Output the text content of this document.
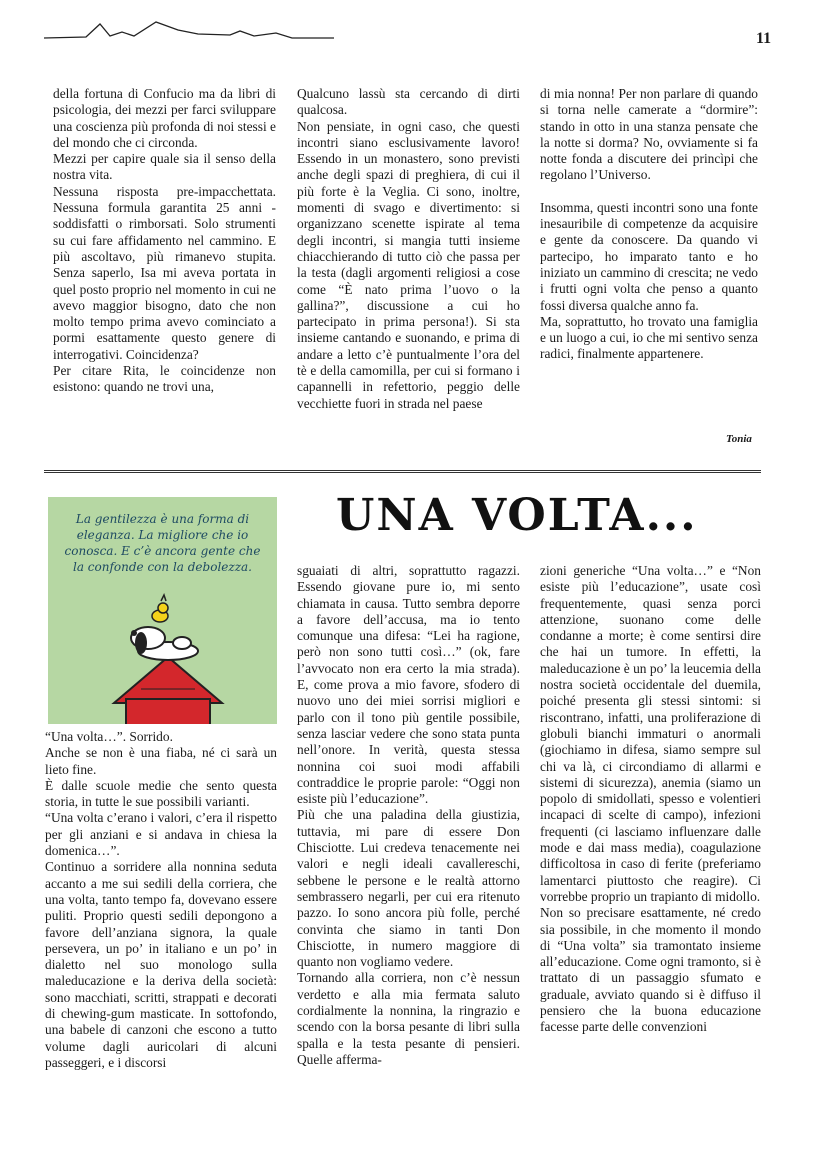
11

della fortuna di Confucio ma da libri di psicologia, dei mezzi per farci sviluppare una coscienza più profonda di noi stessi e del mondo che ci circonda.

Mezzi per capire quale sia il senso della nostra vita.

Nessuna risposta pre-impacchettata. Nessuna formula garantita 25 anni - soddisfatti o rimborsati. Solo strumenti su cui fare affidamento nel cammino. E più ascoltavo, più rimanevo stupita. Senza saperlo, Isa mi aveva portata in quel posto proprio nel momento in cui ne avevo maggior bisogno, dato che non molto tempo prima avevo cominciato a pormi esattamente questo genere di interrogativi. Coincidenza?

Per citare Rita, le coincidenze non esistono: quando ne trovi una,

Qualcuno lassù sta cercando di dirti qualcosa.

Non pensiate, in ogni caso, che questi incontri siano esclusivamente lavoro! Essendo in un monastero, sono previsti anche degli spazi di preghiera, di cui il più forte è la Veglia. Ci sono, inoltre, momenti di svago e divertimento: si organizzano scenette ispirate al tema degli incontri, si mangia tutti insieme chiacchierando di tutto ciò che passa per la testa (dagli argomenti religiosi a cose come “È nato prima l’uovo o la gallina?”, discussione a cui ho partecipato in prima persona!). Si sta insieme cantando e suonando, e prima di andare a letto c’è puntualmente l’ora del tè e della camomilla, per cui si formano i capannelli in refettorio, peggio delle vecchiette fuori in strada nel paese

di mia nonna! Per non parlare di quando si torna nelle camerate a “dormire”: stando in otto in una stanza pensate che la notte si dorma? No, ovviamente si fa notte fonda a discutere dei princìpi che regolano l’Universo.

Insomma, questi incontri sono una fonte inesauribile di competenze da acquisire e gente da conoscere. Da quando vi partecipo, ho imparato tanto e ho iniziato un cammino di crescita; ne vedo i frutti ogni volta che penso a quanto fossi diversa qualche anno fa.

Ma, soprattutto, ho trovato una famiglia e un luogo a cui, io che mi sentivo senza radici, finalmente appartenere.

Tonia
La gentilezza è una forma di eleganza. La migliore che io conosca. E c’è ancora gente che la confonde con la debolezza.
UNA VOLTA...

“Una volta…”. Sorrido.

Anche se non è una fiaba, né ci sarà un lieto fine.

È dalle scuole medie che sento questa storia, in tutte le sue possibili varianti.

“Una volta c’erano i valori, c’era il rispetto per gli anziani e si andava in chiesa la domenica…”.

Continuo a sorridere alla nonnina seduta accanto a me sui sedili della corriera, che una volta, tanto tempo fa, dovevano essere puliti. Proprio questi sedili depongono a favore dell’anziana signora, la quale persevera, un po’ in italiano e un po’ in dialetto nel suo monologo sulla maleducazione e la deriva della società: sono macchiati, scritti, strappati e decorati di chewing-gum masticate. In sottofondo, una babele di canzoni che escono a tutto volume dagli auricolari di alcuni passeggeri, e i discorsi

sguaiati di altri, soprattutto ragazzi. Essendo giovane pure io, mi sento chiamata in causa. Tutto sembra deporre a favore dell’accusa, ma io tento comunque una difesa: “Lei ha ragione, però non sono tutti così…” (ok, fare l’avvocato non era certo la mia strada). E, come prova a mio favore, sfodero di nuovo uno dei miei sorrisi migliori e parlo con il tono più gentile possibile, senza lasciar vedere che sono stata punta nell’onore. In verità, questa stessa nonnina coi suoi modi affabili contraddice le proprie parole: “Oggi non esiste più l’educazione”.

Più che una paladina della giustizia, tuttavia, mi pare di essere Don Chisciotte. Lui credeva tenacemente nei valori e negli ideali cavallereschi, sebbene le persone e le realtà attorno sembrassero negarli, per cui era ritenuto pazzo. Io sono ancora più folle, perché convinta che siamo in tanti Don Chisciotte, in numero maggiore di quanto non vogliamo vedere.

Tornando alla corriera, non c’è nessun verdetto e alla mia fermata saluto cordialmente la nonnina, la ringrazio e scendo con la borsa pesante di libri sulla spalla e la testa pesante di pensieri. Quelle afferma-

zioni generiche “Una volta…” e “Non esiste più l’educazione”, usate così frequentemente, quasi senza porci attenzione, suonano come delle condanne a morte; è come sentirsi dire che hai un tumore. In effetti, la maleducazione è un po’ la leucemia della nostra società occidentale del duemila, poiché presenta gli stessi sintomi: si riscontrano, infatti, una proliferazione di globuli bianchi immaturi o anormali (giochiamo in difesa, siamo sempre sul chi va là, ci circondiamo di allarmi e sistemi di sicurezza), anemia (siamo un popolo di smidollati, spesso e volentieri incapaci di scelte di campo), infezioni frequenti (ci lasciamo influenzare dalle mode e dai mass media), coagulazione difficoltosa in caso di ferite (preferiamo lamentarci piuttosto che reagire). Ci vorrebbe proprio un trapianto di midollo.

Non so precisare esattamente, né credo sia possibile, in che momento il mondo di “Una volta” sia tramontato insieme all’educazione. Come ogni tramonto, si è trattato di un passaggio sfumato e graduale, avviato quando si è diffuso il pensiero che la buona educazione facesse parte delle convenzioni
